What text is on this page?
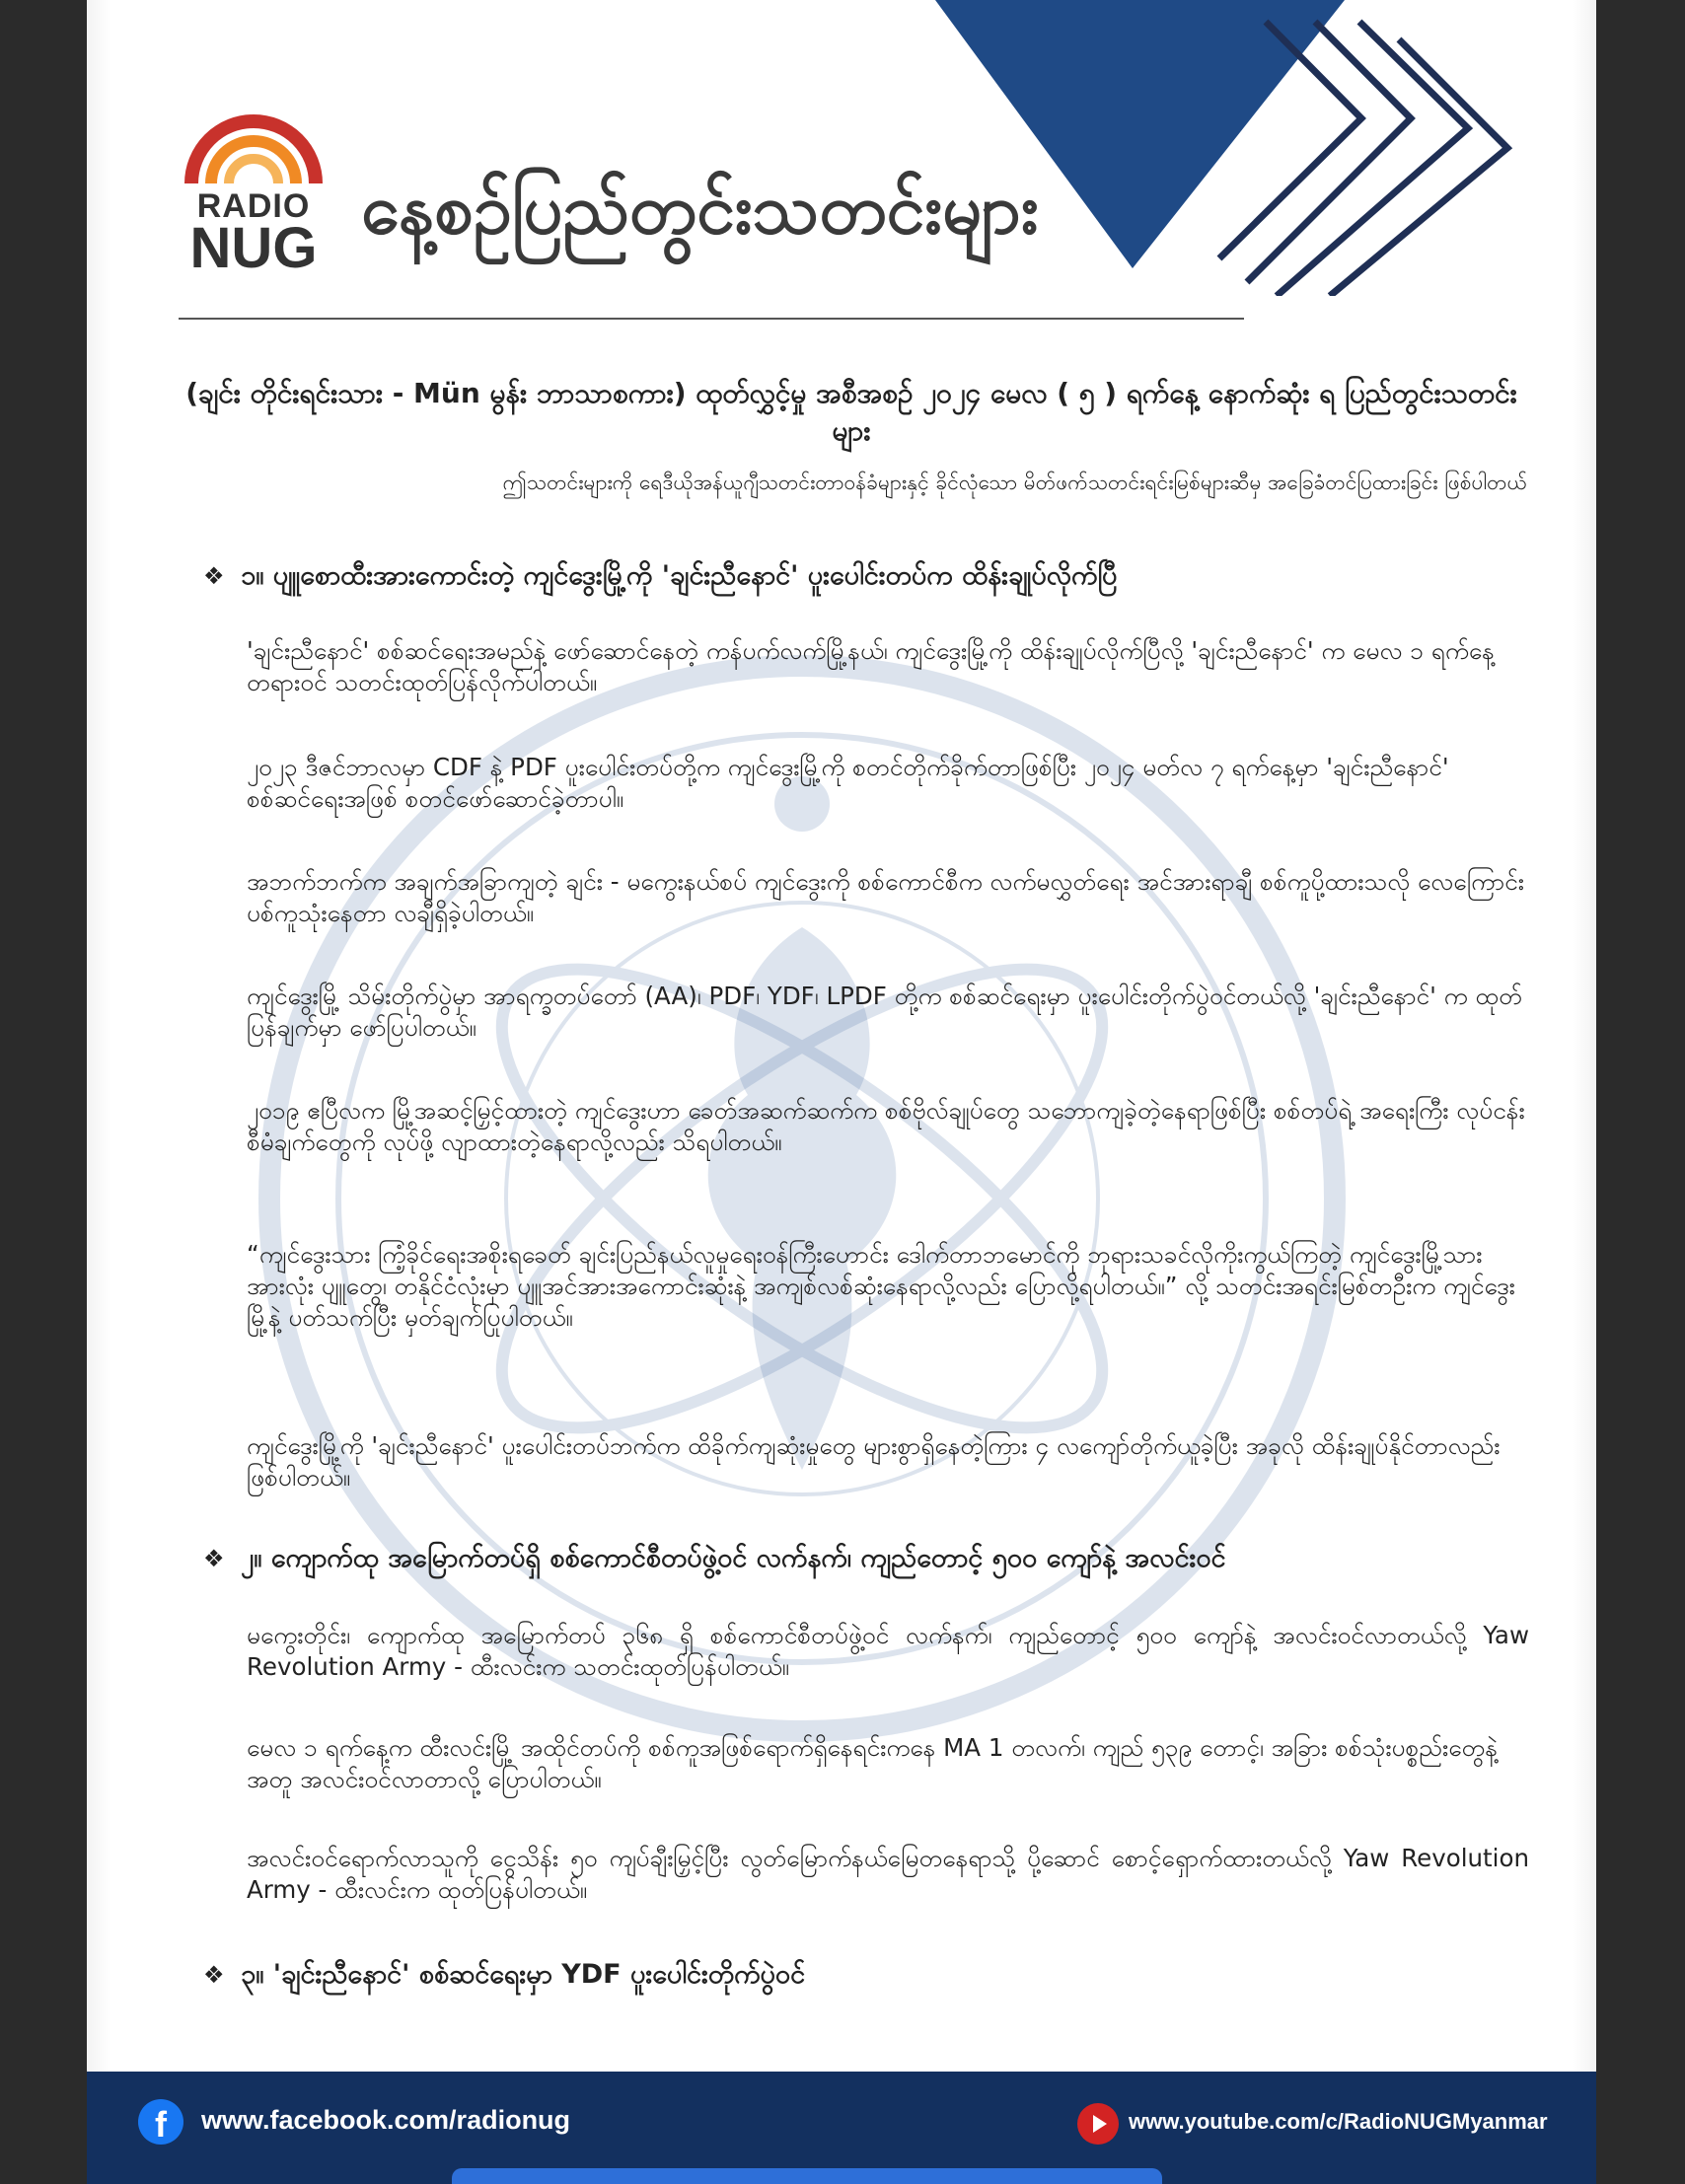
RADIO
NUG နေ့စဉ်ပြည်တွင်းသတင်းများ
(ချင်း တိုင်းရင်းသား - Mün မွန်း ဘာသာစကား) ထုတ်လွှင့်မှု အစီအစဉ် ၂၀၂၄ မေလ ( ၅ ) ရက်နေ့ နောက်ဆုံး ရ ပြည်တွင်းသတင်းများ
ဤသတင်းများကို ရေဒီယိုအန်ယူဂျီသတင်းတာဝန်ခံများနှင့် ခိုင်လုံသော မိတ်ဖက်သတင်းရင်းမြစ်များဆီမှ အခြေခံတင်ပြထားခြင်း ဖြစ်ပါတယ်
❖ ၁။ ပျူစောထီးအားကောင်းတဲ့ ကျင်ဒွေးမြို့ကို 'ချင်းညီနောင်' ပူးပေါင်းတပ်က ထိန်းချုပ်လိုက်ပြီ
'ချင်းညီနောင်' စစ်ဆင်ရေးအမည်နဲ့ ဖော်ဆောင်နေတဲ့ ကန်ပက်လက်မြို့နယ်၊ ကျင်ဒွေးမြို့ကို ထိန်းချုပ်လိုက်ပြီလို့ 'ချင်းညီနောင်' က မေလ ၁ ရက်နေ့ တရားဝင် သတင်းထုတ်ပြန်လိုက်ပါတယ်။
၂၀၂၃ ဒီဇင်ဘာလမှာ CDF နဲ့ PDF ပူးပေါင်းတပ်တို့က ကျင်ဒွေးမြို့ကို စတင်တိုက်ခိုက်တာဖြစ်ပြီး ၂၀၂၄ မတ်လ ၇ ရက်နေ့မှာ 'ချင်းညီနောင်' စစ်ဆင်ရေးအဖြစ် စတင်ဖော်ဆောင်ခဲ့တာပါ။
အဘက်ဘက်က အချက်အခြာကျတဲ့ ချင်း - မကွေးနယ်စပ် ကျင်ဒွေးကို စစ်ကောင်စီက လက်မလွှတ်ရေး အင်အားရာချီ စစ်ကူပို့ထားသလို လေကြောင်းပစ်ကူသုံးနေတာ လချီရှိခဲ့ပါတယ်။
ကျင်ဒွေးမြို့ သိမ်းတိုက်ပွဲမှာ အာရက္ခတပ်တော် (AA)၊ PDF၊ YDF၊ LPDF တို့က စစ်ဆင်ရေးမှာ ပူးပေါင်းတိုက်ပွဲဝင်တယ်လို့ 'ချင်းညီနောင်' က ထုတ်ပြန်ချက်မှာ ဖော်ပြပါတယ်။
၂၀၁၉ ဧပြီလက မြို့အဆင့်မြှင့်ထားတဲ့ ကျင်ဒွေးဟာ ခေတ်အဆက်ဆက်က စစ်ဗိုလ်ချုပ်တွေ သဘောကျခဲ့တဲ့နေရာဖြစ်ပြီး စစ်တပ်ရဲ့ အရေးကြီး လုပ်ငန်းစီမံချက်တွေကို လုပ်ဖို့ လျာထားတဲ့နေရာလို့လည်း သိရပါတယ်။
“ကျင်ဒွေးသား ကြံ့ခိုင်ရေးအစိုးရခေတ် ချင်းပြည်နယ်လူမှုရေးဝန်ကြီးဟောင်း ဒေါက်တာဘမောင်ကို ဘုရားသခင်လိုကိုးကွယ်ကြတဲ့ ကျင်ဒွေးမြို့သားအားလုံး ပျူတွေ၊ တနိုင်ငံလုံးမှာ ပျူအင်အားအကောင်းဆုံးနဲ့ အကျစ်လစ်ဆုံးနေရာလို့လည်း ပြောလို့ရပါတယ်။” လို့ သတင်းအရင်းမြစ်တဦးက ကျင်ဒွေးမြို့နဲ့ ပတ်သက်ပြီး မှတ်ချက်ပြုပါတယ်။
ကျင်ဒွေးမြို့ကို 'ချင်းညီနောင်' ပူးပေါင်းတပ်ဘက်က ထိခိုက်ကျဆုံးမှုတွေ များစွာရှိနေတဲ့ကြား ၄ လကျော်တိုက်ယူခဲ့ပြီး အခုလို ထိန်းချုပ်နိုင်တာလည်း ဖြစ်ပါတယ်။
❖ ၂။ ကျောက်ထု အမြောက်တပ်ရှိ စစ်ကောင်စီတပ်ဖွဲ့ဝင် လက်နက်၊ ကျည်တောင့် ၅၀၀ ကျော်နဲ့ အလင်းဝင်
မကွေးတိုင်း၊ ကျောက်ထု အမြောက်တပ် ၃၆၈ ရှိ စစ်ကောင်စီတပ်ဖွဲ့ဝင် လက်နက်၊ ကျည်တောင့် ၅၀၀ ကျော်နဲ့ အလင်းဝင်လာတယ်လို့ Yaw Revolution Army - ထီးလင်းက သတင်းထုတ်ပြန်ပါတယ်။
မေလ ၁ ရက်နေ့က ထီးလင်းမြို့ အထိုင်တပ်ကို စစ်ကူအဖြစ်ရောက်ရှိနေရင်းကနေ MA 1 တလက်၊ ကျည် ၅၃၉ တောင့်၊ အခြား စစ်သုံးပစ္စည်းတွေနဲ့အတူ အလင်းဝင်လာတာလို့ ပြောပါတယ်။
အလင်းဝင်ရောက်လာသူကို ငွေသိန်း ၅၀ ကျပ်ချီးမြှင့်ပြီး လွတ်မြောက်နယ်မြေတနေရာသို့ ပို့ဆောင် စောင့်ရှောက်ထားတယ်လို့ Yaw Revolution Army - ထီးလင်းက ထုတ်ပြန်ပါတယ်။
❖ ၃။ 'ချင်းညီနောင်' စစ်ဆင်ရေးမှာ YDF ပူးပေါင်းတိုက်ပွဲဝင်
f	www.facebook.com/radionug	www.youtube.com/c/RadioNUGMyanmar
